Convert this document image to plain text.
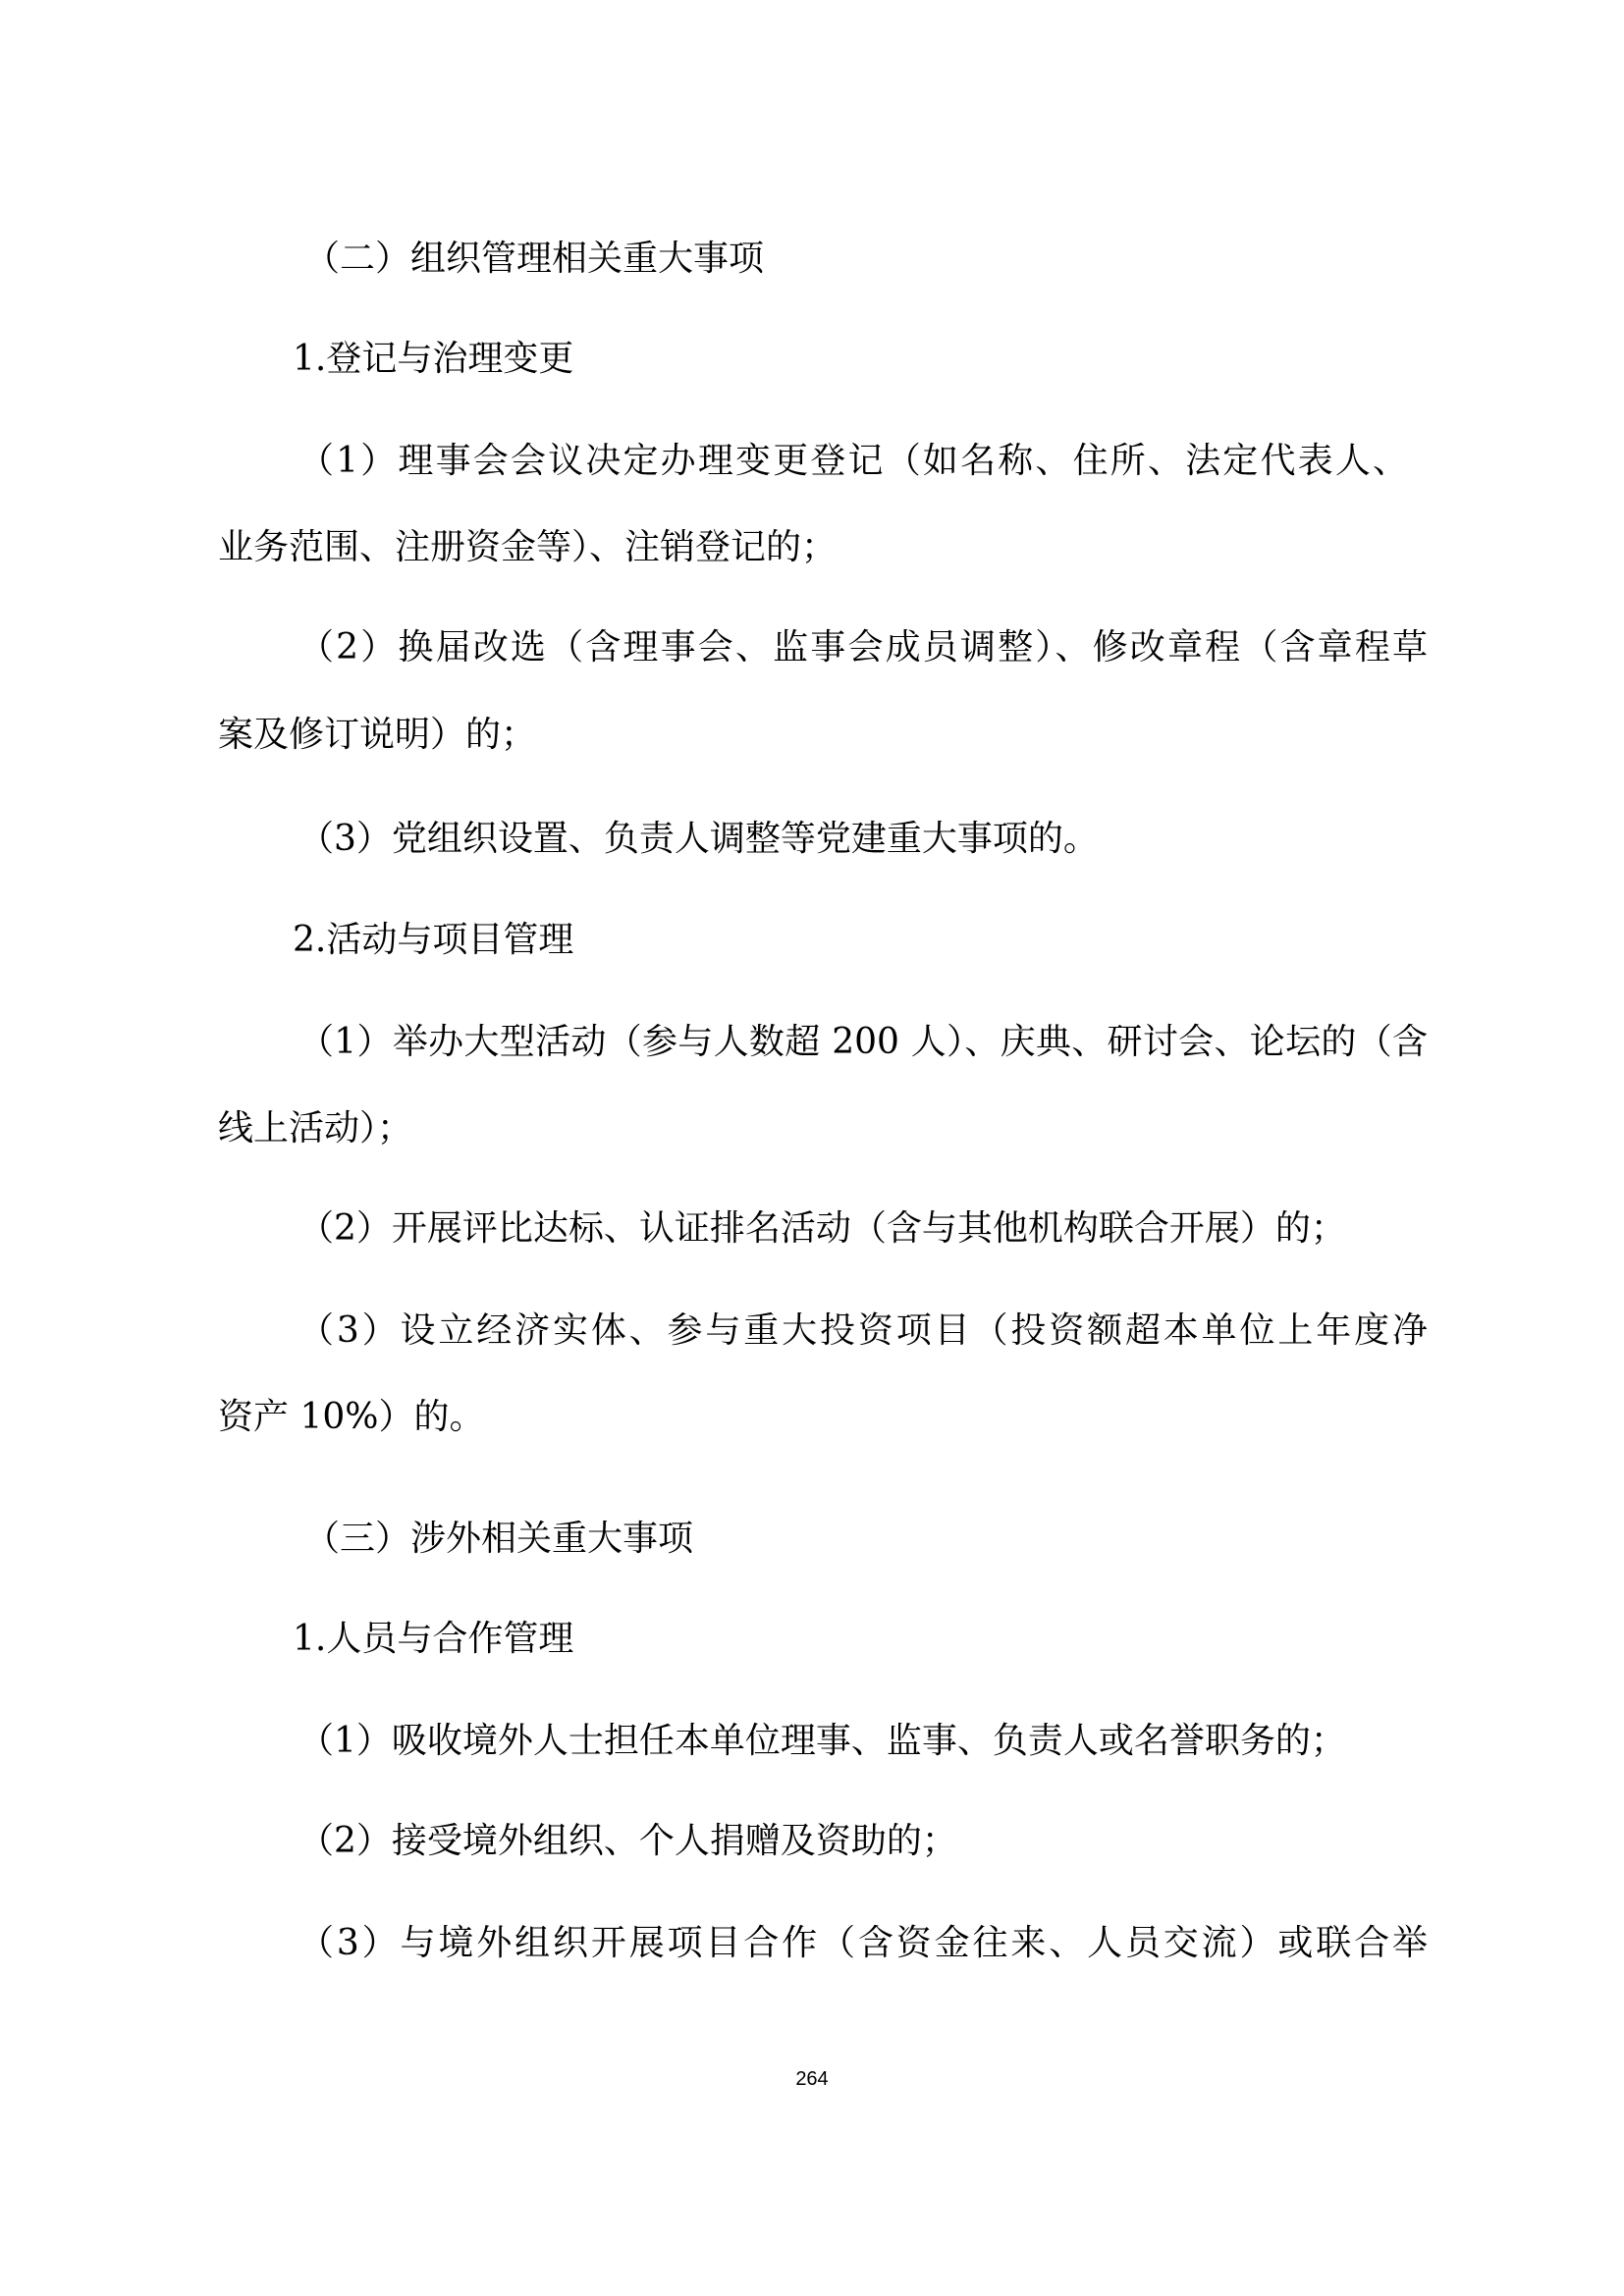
（二）组织管理相关重大事项
1.登记与治理变更
（1）理事会会议决定办理变更登记（如名称、住所、法定代表人、
业务范围、注册资金等）、注销登记的；
（2）换届改选（含理事会、监事会成员调整）、修改章程（含章程草
案及修订说明）的；
（3）党组织设置、负责人调整等党建重大事项的。
2.活动与项目管理
（1）举办大型活动（参与人数超 200 人）、庆典、研讨会、论坛的（含
线上活动）；
（2）开展评比达标、认证排名活动（含与其他机构联合开展）的；
（3）设立经济实体、参与重大投资项目（投资额超本单位上年度净
资产 10%）的。
（三）涉外相关重大事项
1.人员与合作管理
（1）吸收境外人士担任本单位理事、监事、负责人或名誉职务的；
（2）接受境外组织、个人捐赠及资助的；
（3）与境外组织开展项目合作（含资金往来、人员交流）或联合举
264
